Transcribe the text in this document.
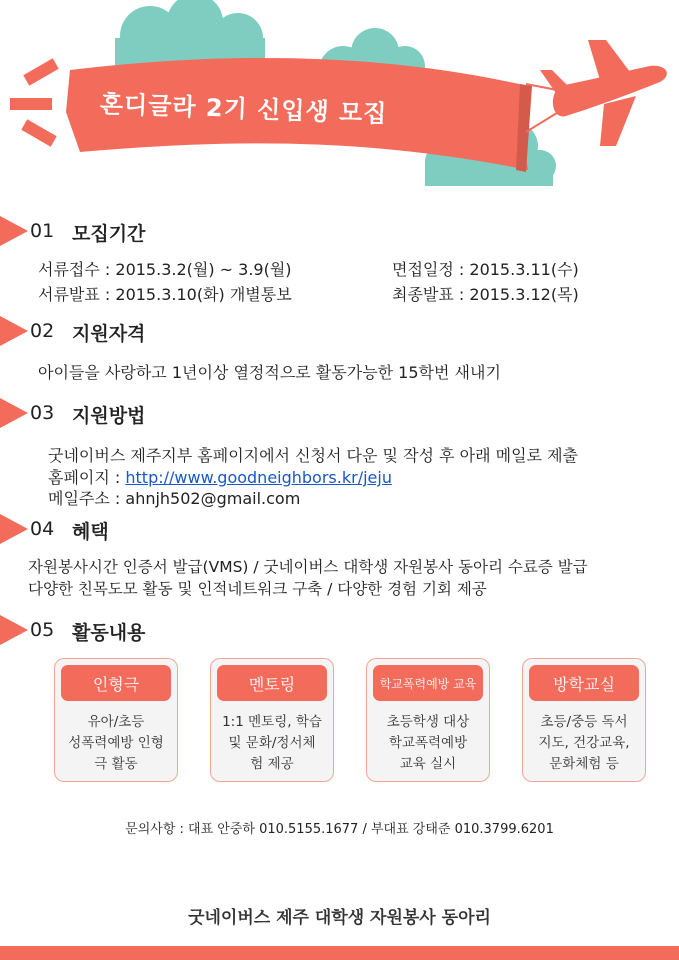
혼디글라 2기 신입생 모집
01 모집기간
서류접수 : 2015.3.2(월) ~ 3.9(월)	면접일정 : 2015.3.11(수)
서류발표 : 2015.3.10(화) 개별통보	최종발표 : 2015.3.12(목)
02 지원자격
아이들을 사랑하고 1년이상 열정적으로 활동가능한 15학번 새내기
03 지원방법
굿네이버스 제주지부 홈페이지에서 신청서 다운 및 작성 후 아래 메일로 제출
홈페이지 : http://www.goodneighbors.kr/jeju
메일주소 : ahnjh502@gmail.com
04 혜택
자원봉사시간 인증서 발급(VMS) / 굿네이버스 대학생 자원봉사 동아리 수료증 발급
다양한 친목도모 활동 및 인적네트워크 구축 / 다양한 경험 기회 제공
05 활동내용
인형극
유아/초등
성폭력예방 인형
극 활동
멘토링
1:1 멘토링, 학습
및 문화/정서체
험 제공
학교폭력예방 교육
초등학생 대상
학교폭력예방
교육 실시
방학교실
초등/중등 독서
지도, 건강교육,
문화체험 등
문의사항 : 대표 안중하 010.5155.1677 / 부대표 강태준 010.3799.6201
굿네이버스 제주 대학생 자원봉사 동아리
